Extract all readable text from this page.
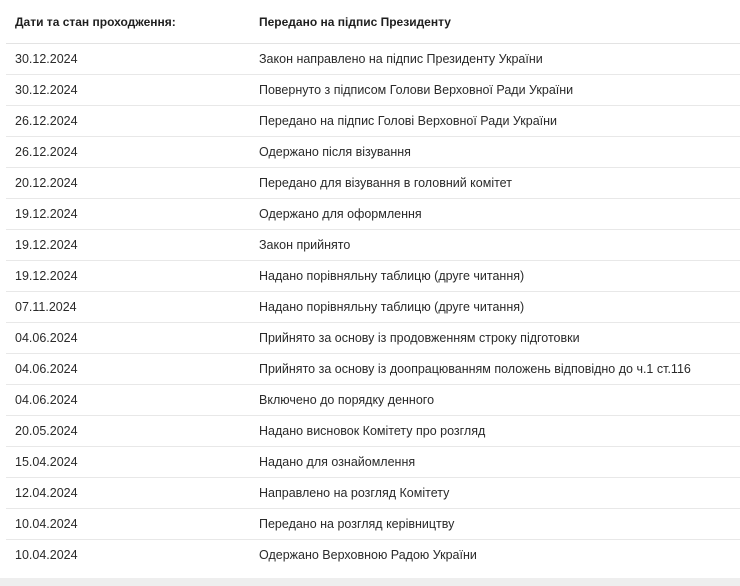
Дати та стан проходження:	Передано на підпис Президенту
30.12.2024	Закон направлено на підпис Президенту України
30.12.2024	Повернуто з підписом Голови Верховної Ради України
26.12.2024	Передано на підпис Голові Верховної Ради України
26.12.2024	Одержано після візування
20.12.2024	Передано для візування в головний комітет
19.12.2024	Одержано для оформлення
19.12.2024	Закон прийнято
19.12.2024	Надано порівняльну таблицю (друге читання)
07.11.2024	Надано порівняльну таблицю (друге читання)
04.06.2024	Прийнято за основу із продовженням строку підготовки
04.06.2024	Прийнято за основу із доопрацюванням положень відповідно до ч.1 ст.116
04.06.2024	Включено до порядку денного
20.05.2024	Надано висновок Комітету про розгляд
15.04.2024	Надано для ознайомлення
12.04.2024	Направлено на розгляд Комітету
10.04.2024	Передано на розгляд керівництву
10.04.2024	Одержано Верховною Радою України
